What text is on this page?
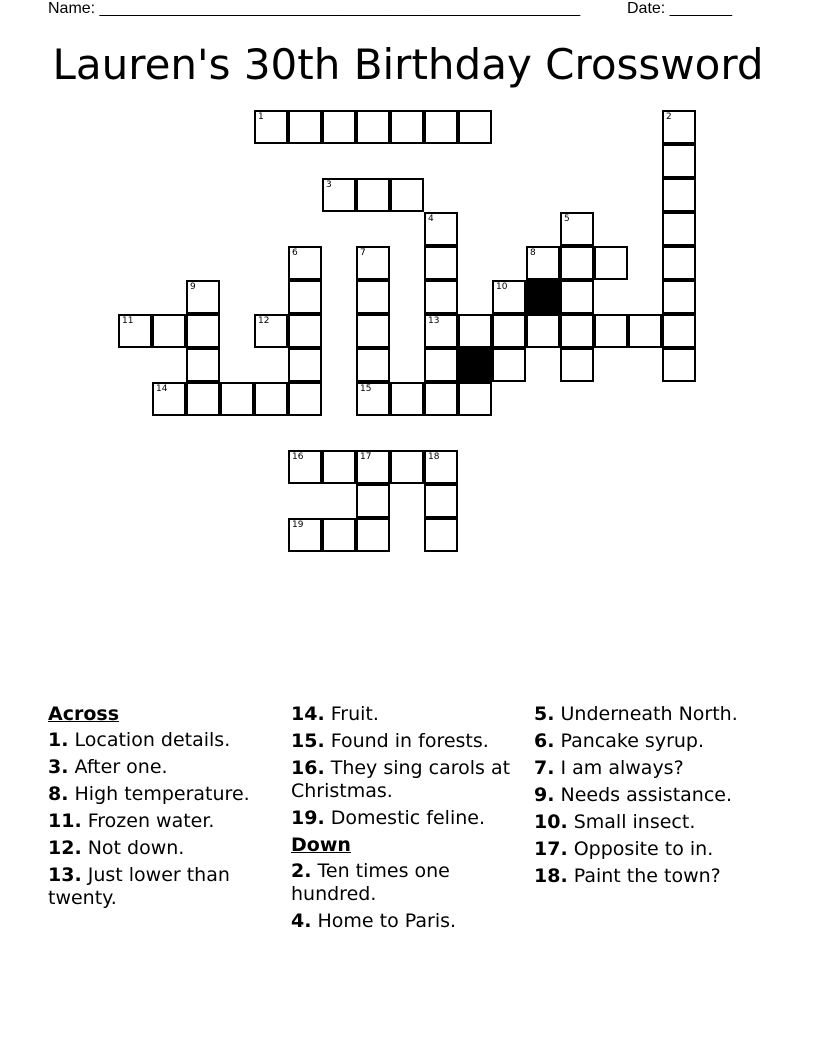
Name: ______________________________________________________	Date: _______
Lauren's 30th Birthday Crossword
1	2
3
4	5
6	7	8
9	10
11	12	13
14	15
16	17	18
19
Across
1. Location details.
3. After one.
8. High temperature.
11. Frozen water.
12. Not down.
13. Just lower than twenty.
14. Fruit.
15. Found in forests.
16. They sing carols at Christmas.
19. Domestic feline.
Down
2. Ten times one hundred.
4. Home to Paris.
5. Underneath North.
6. Pancake syrup.
7. I am always?
9. Needs assistance.
10. Small insect.
17. Opposite to in.
18. Paint the town?
